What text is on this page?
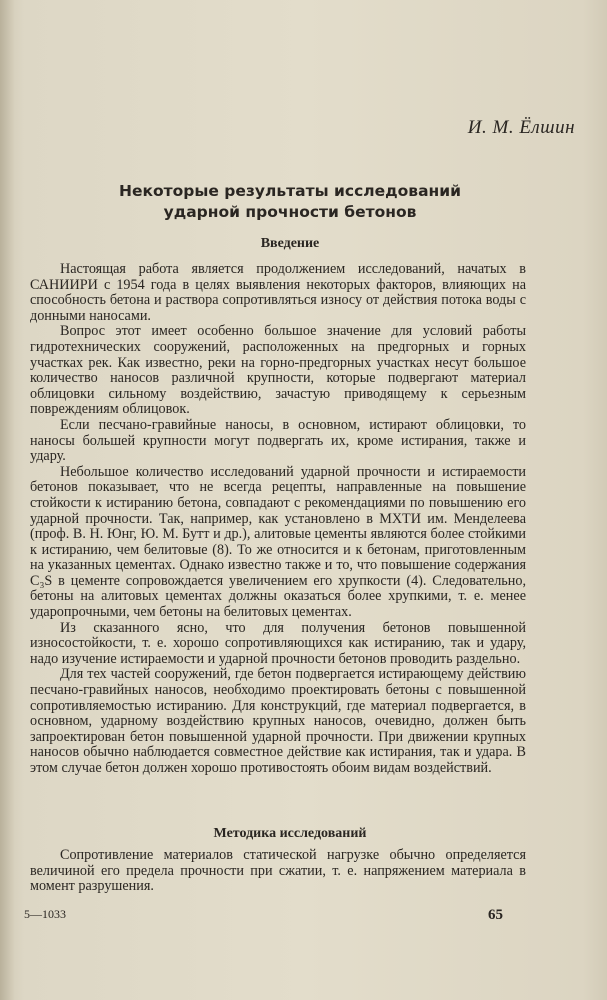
И. М. Ёлшин
Некоторые результаты исследований
ударной прочности бетонов
Введение

Настоящая работа является продолжением исследований, начатых в САНИИРИ с 1954 года в целях выявления некоторых факторов, влияющих на способность бетона и раствора сопротивляться износу от действия потока воды с донными наносами.

Вопрос этот имеет особенно большое значение для условий работы гидротехнических сооружений, расположенных на предгорных и горных участках рек. Как известно, реки на горно-предгорных участках несут большое количество наносов различной крупности, которые подвергают материал облицовки сильному воздействию, зачастую приводящему к серьезным повреждениям облицовок.

Если песчано-гравийные наносы, в основном, истирают облицовки, то наносы большей крупности могут подвергать их, кроме истирания, также и удару.

Небольшое количество исследований ударной прочности и истираемости бетонов показывает, что не всегда рецепты, направленные на повышение стойкости к истиранию бетона, совпадают с рекомендациями по повышению его ударной прочности. Так, например, как установлено в МХТИ им. Менделеева (проф. В. Н. Юнг, Ю. М. Бутт и др.), алитовые цементы являются более стойкими к истиранию, чем белитовые (8). То же относится и к бетонам, приготовленным на указанных цементах. Однако известно также и то, что повышение содержания C₃S в цементе сопровождается увеличением его хрупкости (4). Следовательно, бетоны на алитовых цементах должны оказаться более хрупкими, т. е. менее ударопрочными, чем бетоны на белитовых цементах.

Из сказанного ясно, что для получения бетонов повышенной износостойкости, т. е. хорошо сопротивляющихся как истиранию, так и удару, надо изучение истираемости и ударной прочности бетонов проводить раздельно.

Для тех частей сооружений, где бетон подвергается истирающему действию песчано-гравийных наносов, необходимо проектировать бетоны с повышенной сопротивляемостью истиранию. Для конструкций, где материал подвергается, в основном, ударному воздействию крупных наносов, очевидно, должен быть запроектирован бетон повышенной ударной прочности. При движении крупных наносов обычно наблюдается совместное действие как истирания, так и удара. В этом случае бетон должен хорошо противостоять обоим видам воздействий.

Методика исследований

Сопротивление материалов статической нагрузке обычно определяется величиной его предела прочности при сжатии, т. е. напряжением материала в момент разрушения.

5—1033	65
